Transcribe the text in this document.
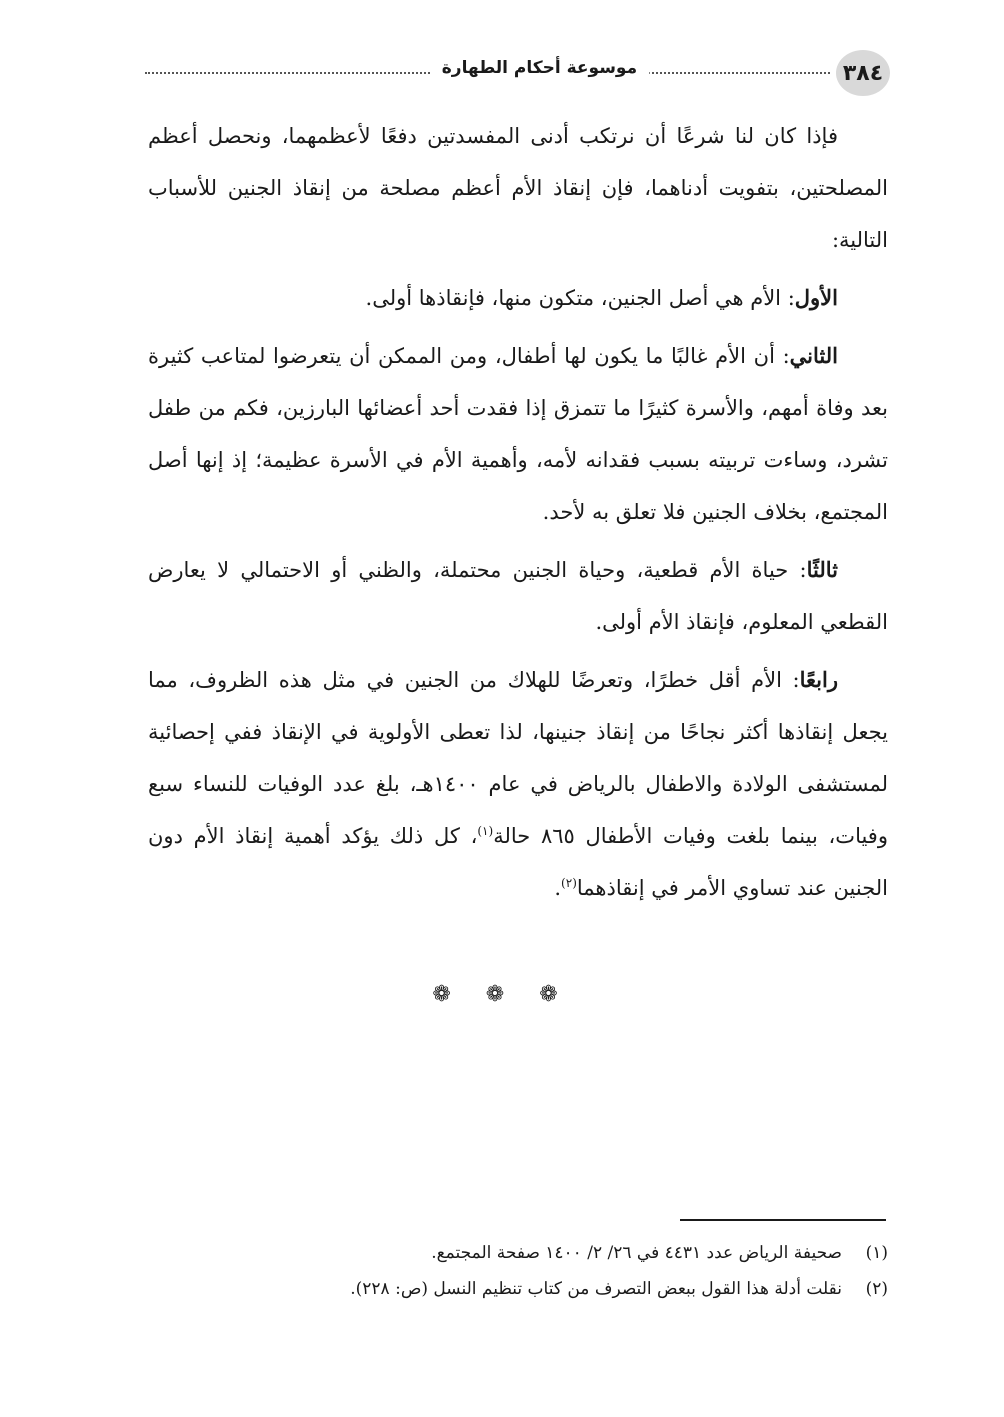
موسوعة أحكام الطهارة	٣٨٤

فإذا كان لنا شرعًا أن نرتكب أدنى المفسدتين دفعًا لأعظمهما، ونحصل أعظم المصلحتين، بتفويت أدناهما، فإن إنقاذ الأم أعظم مصلحة من إنقاذ الجنين للأسباب التالية:

الأول: الأم هي أصل الجنين، متكون منها، فإنقاذها أولى.

الثاني: أن الأم غالبًا ما يكون لها أطفال، ومن الممكن أن يتعرضوا لمتاعب كثيرة بعد وفاة أمهم، والأسرة كثيرًا ما تتمزق إذا فقدت أحد أعضائها البارزين، فكم من طفل تشرد، وساءت تربيته بسبب فقدانه لأمه، وأهمية الأم في الأسرة عظيمة؛ إذ إنها أصل المجتمع، بخلاف الجنين فلا تعلق به لأحد.

ثالثًا: حياة الأم قطعية، وحياة الجنين محتملة، والظني أو الاحتمالي لا يعارض القطعي المعلوم، فإنقاذ الأم أولى.

رابعًا: الأم أقل خطرًا، وتعرضًا للهلاك من الجنين في مثل هذه الظروف، مما يجعل إنقاذها أكثر نجاحًا من إنقاذ جنينها، لذا تعطى الأولوية في الإنقاذ ففي إحصائية لمستشفى الولادة والاطفال بالرياض في عام ١٤٠٠هـ، بلغ عدد الوفيات للنساء سبع وفيات، بينما بلغت وفيات الأطفال ٨٦٥ حالة$^{(١)}$، كل ذلك يؤكد أهمية إنقاذ الأم دون الجنين عند تساوي الأمر في إنقاذهما$^{(٢)}$.

❁ ❁ ❁

(١)صحيفة الرياض عدد ٤٤٣١ في ٢٦/ ٢/ ١٤٠٠ صفحة المجتمع.

(٢)نقلت أدلة هذا القول ببعض التصرف من كتاب تنظيم النسل (ص: ٢٢٨).
